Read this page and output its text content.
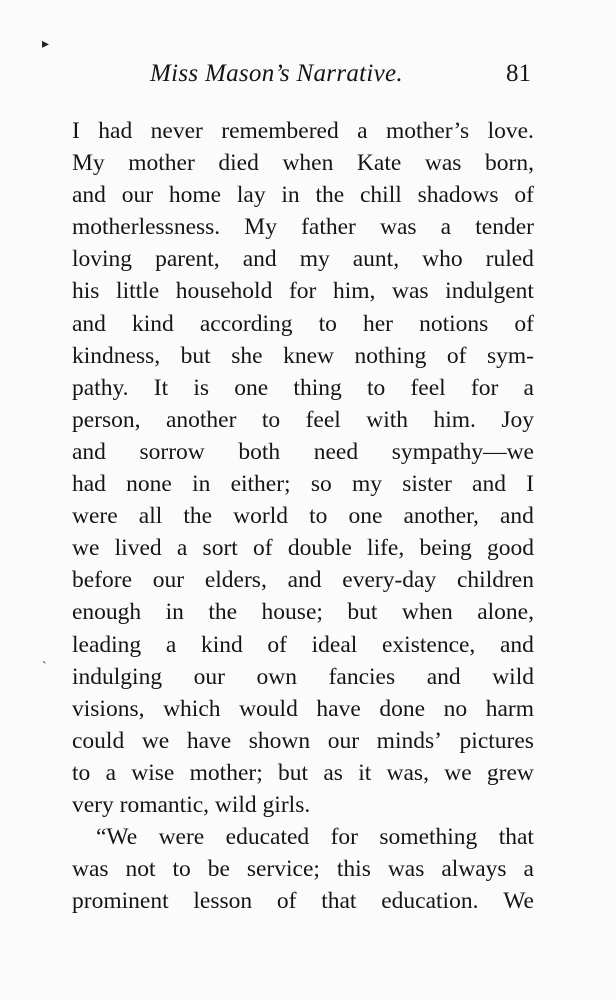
▸
`
Miss Mason’s Narrative.	81
I had never remembered a mother’s love.
My mother died when Kate was born,
and our home lay in the chill shadows of
motherlessness. My father was a tender
loving parent, and my aunt, who ruled
his little household for him, was indulgent
and kind according to her notions of
kindness, but she knew nothing of sym-
pathy. It is one thing to feel for a
person, another to feel with him. Joy
and sorrow both need sympathy—we
had none in either; so my sister and I
were all the world to one another, and
we lived a sort of double life, being good
before our elders, and every-day children
enough in the house; but when alone,
leading a kind of ideal existence, and
indulging our own fancies and wild
visions, which would have done no harm
could we have shown our minds’ pictures
to a wise mother; but as it was, we grew
very romantic, wild girls.
“We were educated for something that
was not to be service; this was always a
prominent lesson of that education. We
